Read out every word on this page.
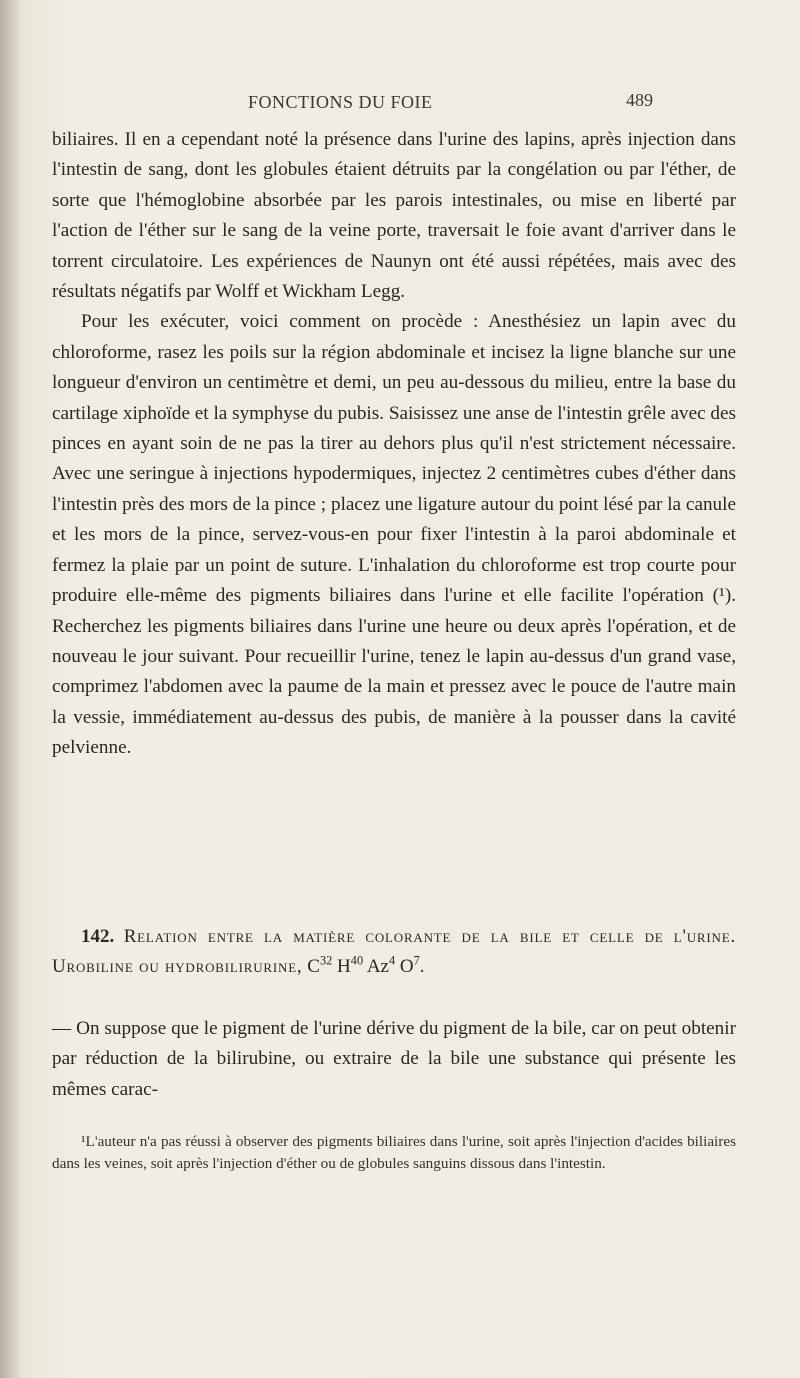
FONCTIONS DU FOIE	489

biliaires. Il en a cependant noté la présence dans l'urine des lapins, après injection dans l'intestin de sang, dont les globules étaient détruits par la congélation ou par l'éther, de sorte que l'hémoglobine absorbée par les parois intestinales, ou mise en liberté par l'action de l'éther sur le sang de la veine porte, traversait le foie avant d'arriver dans le torrent circulatoire. Les expériences de Naunyn ont été aussi répétées, mais avec des résultats négatifs par Wolff et Wickham Legg.

Pour les exécuter, voici comment on procède : Anesthésiez un lapin avec du chloroforme, rasez les poils sur la région abdominale et incisez la ligne blanche sur une longueur d'environ un centimètre et demi, un peu au-dessous du milieu, entre la base du cartilage xiphoïde et la symphyse du pubis. Saisissez une anse de l'intestin grêle avec des pinces en ayant soin de ne pas la tirer au dehors plus qu'il n'est strictement nécessaire. Avec une seringue à injections hypodermiques, injectez 2 centimètres cubes d'éther dans l'intestin près des mors de la pince ; placez une ligature autour du point lésé par la canule et les mors de la pince, servez-vous-en pour fixer l'intestin à la paroi abdominale et fermez la plaie par un point de suture. L'inhalation du chloroforme est trop courte pour produire elle-même des pigments biliaires dans l'urine et elle facilite l'opération (¹). Recherchez les pigments biliaires dans l'urine une heure ou deux après l'opération, et de nouveau le jour suivant. Pour recueillir l'urine, tenez le lapin au-dessus d'un grand vase, comprimez l'abdomen avec la paume de la main et pressez avec le pouce de l'autre main la vessie, immédiatement au-dessus des pubis, de manière à la pousser dans la cavité pelvienne.

142. Relation entre la matière colorante de la bile et celle de l'urine. Urobiline ou hydrobilirurine, $C^{32}$ $H^{40}$ Az$^4$ $O^7$.
— On suppose que le pigment de l'urine dérive du pigment de la bile, car on peut obtenir par réduction de la bilirubine, ou extraire de la bile une substance qui présente les mêmes carac-
¹L'auteur n'a pas réussi à observer des pigments biliaires dans l'urine, soit après l'injection d'acides biliaires dans les veines, soit après l'injection d'éther ou de globules sanguins dissous dans l'intestin.
